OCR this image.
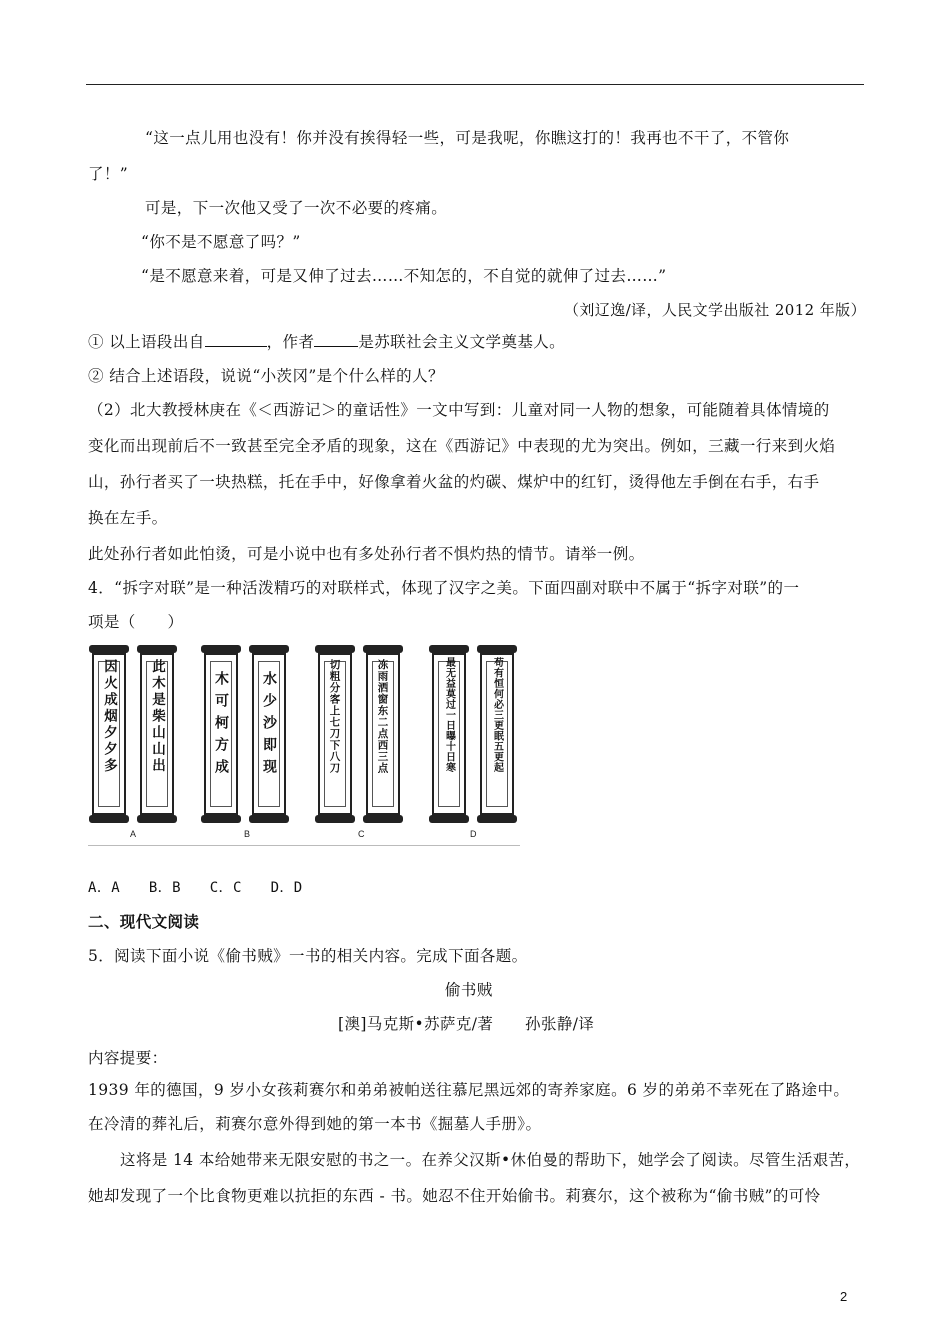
“这一点儿用也没有！你并没有挨得轻一些，可是我呢，你瞧这打的！我再也不干了，不管你
了！”
可是，下一次他又受了一次不必要的疼痛。
“你不是不愿意了吗？”
“是不愿意来着，可是又伸了过去……不知怎的，不自觉的就伸了过去……”
（刘辽逸/译，人民文学出版社 2012 年版）
① 以上语段出自	，作者	是苏联社会主义文学奠基人。
② 结合上述语段，说说“小茨冈”是个什么样的人？
（2）北大教授林庚在《＜西游记＞的童话性》一文中写到：儿童对同一人物的想象，可能随着具体情境的
变化而出现前后不一致甚至完全矛盾的现象，这在《西游记》中表现的尤为突出。例如，三藏一行来到火焰
山，孙行者买了一块热糕，托在手中，好像拿着火盆的灼碳、煤炉中的红钉，烫得他左手倒在右手，右手
换在左手。
此处孙行者如此怕烫，可是小说中也有多处孙行者不惧灼热的情节。请举一例。
4．“拆字对联”是一种活泼精巧的对联样式，体现了汉字之美。下面四副对联中不属于“拆字对联”的一
项是（　　）
因火成烟夕夕多	此木是柴山山出
A
木可柯方成	水少沙即现
B
切粗分客上七刀下八刀	冻雨洒窗东二点西三点
C
最无益莫过一日曝十日寒	苟有恒何必三更眠五更起
D
A．A　　B．B　　C．C　　D．D
二、现代文阅读
5．阅读下面小说《偷书贼》一书的相关内容。完成下面各题。
偷书贼
[澳]马克斯•苏萨克/著　　孙张静/译
内容提要：
1939 年的德国，9 岁小女孩莉赛尔和弟弟被帕送往慕尼黑远郊的寄养家庭。6 岁的弟弟不幸死在了路途中。
在冷清的葬礼后，莉赛尔意外得到她的第一本书《掘墓人手册》。
这将是 14 本给她带来无限安慰的书之一。在养父汉斯•休伯曼的帮助下，她学会了阅读。尽管生活艰苦，
她却发现了一个比食物更难以抗拒的东西 - 书。她忍不住开始偷书。莉赛尔，这个被称为“偷书贼”的可怜
2
